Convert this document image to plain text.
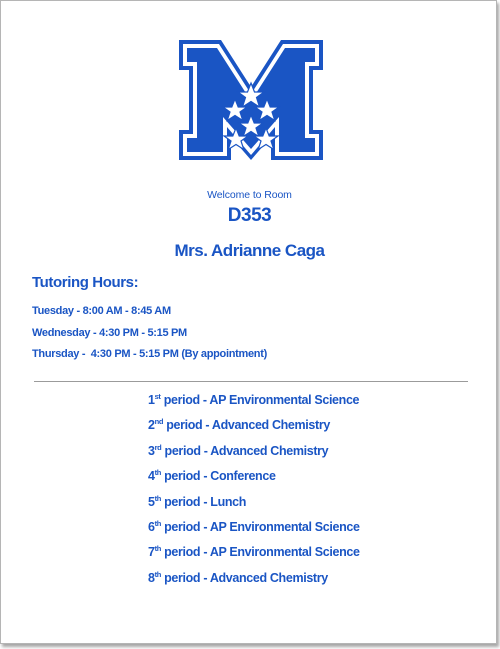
Welcome to Room
D353
Mrs. Adrianne Caga
Tutoring Hours:
Tuesday - 8:00 AM - 8:45 AM
Wednesday - 4:30 PM - 5:15 PM
Thursday -  4:30 PM - 5:15 PM (By appointment)
1st period - AP Environmental Science
2nd period - Advanced Chemistry
3rd period - Advanced Chemistry
4th period - Conference
5th period - Lunch
6th period - AP Environmental Science
7th period - AP Environmental Science
8th period - Advanced Chemistry
